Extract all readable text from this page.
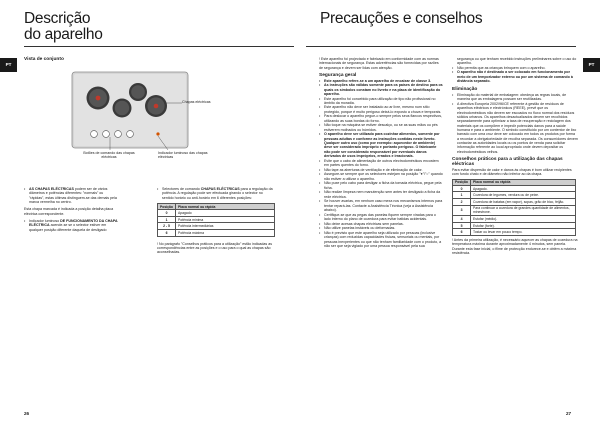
Descrição
do aparelho
PT
Vista de conjunto
Chapas eléctricas
Botões de comando das chapas eléctricas
Indicador luminoso das chapas eléctricas
• AS CHAPAS ELÉCTRICAS podem ser de vários diâmetros e potências diferentes: "normais" ou "rápidas", estas últimas distinguem-se das demais pela marca vermelha no centro.

Esta chapa marcada é indicada a posição detalha placa eléctrica correspondente.

• Indicador luminoso DE FUNCIONAMENTO DA CHAPA ELÉCTRICA acende-se se o selector estiver em qualquer posição diferente daquela de desligado
• Selectores de comando CHAPAS ELÉCTRICAS para a regulação da potência. A regulação pode ser efectuada girando o selector no sentido horário ou anti-horário em 6 diferentes posições:
Posição	Placa normal ou rápida
0	Apagado
1	Potência mínima
2 - 5	Potência intermediárias
6	Potência máxima

! No parágrafo "Conselhos práticos para a utilização" estão indicadas as correspondências entre as posições e o uso para o qual as chapas são aconselhadas.

26
Precauções e conselhos
PT

! Este aparelho foi projectado e fabricado em conformidade com as normas internacionais de segurança. Estas advertências são fornecidas por razões de segurança e devem ser lidas com atenção.

Segurança geral
• Este aparelho refere-se a um aparelho de encaixar de classe 3.
• As instruções são válidas somente para os países de destino para os quais os símbolos constam no livreto e na placa de identificação do aparelho.
• Este aparelho foi concebido para utilização de tipo não profissional no âmbito da moradia.
• Este aparelho não deve ser instalado ao ar livre, mesmo num sítio protegido, porque é muito perigoso deixá-lo exposto a chuva e temporais.
• Para deslocar o aparelho pegue-o sempre pelos seus flancos respectivos, utilizando as suas bordas do forno.
• Não toque na máquina se estiver descalço, ou se as suas mãos ou pés estiverem molhados ou húmidos.
• O aparelho deve ser utilizado para cozinhar alimentos, somente por pessoas adultas e conforme as instruções contidas neste livreto. Qualquer outro uso (como por exemplo: aquecedor de ambiente) deve ser considerado impróprio e portanto perigoso. O fabricante não pode ser considerado responsável por eventuais danos derivados de usos impróprios, errados e irracionais.
• Evite que o cabo de alimentação de outros electrodomésticos encostem em partes quentes do forno.
• Não tape as aberturas de ventilação e de eliminação de calor.
• Assegure-se sempre que os selectores estejam na posição "●"/"○" quando não estiver a utilizar o aparelho.
• Não puxe pelo cabo para desligar a ficha da tomada eléctrica, pegue pela ficha.
• Não realize limpeza nem manutenção sem antes ter desligado a ficha da rede eléctrica.
• Se houver avarias, em nenhum caso mexa nos mecanismos internos para tentar repará-las. Contacte a Assistência Técnica (veja a Assistência abaixo).
• Certifique-se que as pegas das panelas fiquem sempre viradas para o lado interno do plano de cozedura para evitar batidas acidentais.
• Não deixe acesas chapas eléctricas sem panelas.
• Não utilize panelas instáveis ou deformadas.
• Não é previsto que este aparelho seja utilizado por pessoas (inclusive crianças) com reduzidas capacidades físicas, sensoriais ou mentais, por pessoas inexperientes ou que não tenham familiaridade com o produto, a não ser que seja vigiado por uma pessoa responsável pela sua

segurança ou que tenham recebido instruções preliminares sobre o uso do aparelho.

• Não permita que as crianças brinquem com o aparelho.
• O aparelho não é destinado a ser colocado em funcionamento por meio de um temporizador externo ou por um sistema de comando à distância separado.
Eliminação
• Eliminação do material de embalagem: obedeça as regras locais, de maneira que as embalagens possam ser reutilizadas.
• A directiva Europeia 2002/96/CE referente à gestão de resíduos de aparelhos eléctricos e electrónicos (REEE), prevê que os electrodomésticos não devem ser escoados no fluxo normal dos resíduos sólidos urbanos. Os aparelhos desactualizados devem ser recolhidos separadamente para optimizar a taxa de recuperação e reciclagem dos materiais que os compõem e impedir potenciais danos para a saúde humana e para o ambiente. O símbolo constituído por um contentor de lixo barrado com uma cruz deve ser colocado em todos os produtos por forma a recordar a obrigatoriedade de recolha separada. Os consumidores devem contactar as autoridades locais ou os pontos de venda para solicitar informação referente ao local apropriado onde devem depositar os electrodomésticos velhos.
Conselhos práticos para a utilização das chapas eléctricas

Para evitar dispersão de calor e danos às chapas é bom utilizar recipientes com fundo chato e de diâmetro não inferior ao da chapa.

Posição	Placa normal ou rápida
0	Apagado.
1	Cozedura de legumes, verdura ou de peixe.
2	Cozedura de batatas (em vapor), sopas, grão de bico, feijão.
3	Para continuar a cozedura de grandes quantidade de alimentos, minestrone.
4	Estufar (médio).
5	Estufar (forte).
6	Tostar ou levar em pouco tempo.

! Antes da primeira utilização, é necessário aquecer as chapas de cozedura na temperatura máxima durante aproximadamente 4 minutos, sem panela. Durante esta fase inicial, o filme de protecção endurece-se e obtém a máxima resistência.

27
